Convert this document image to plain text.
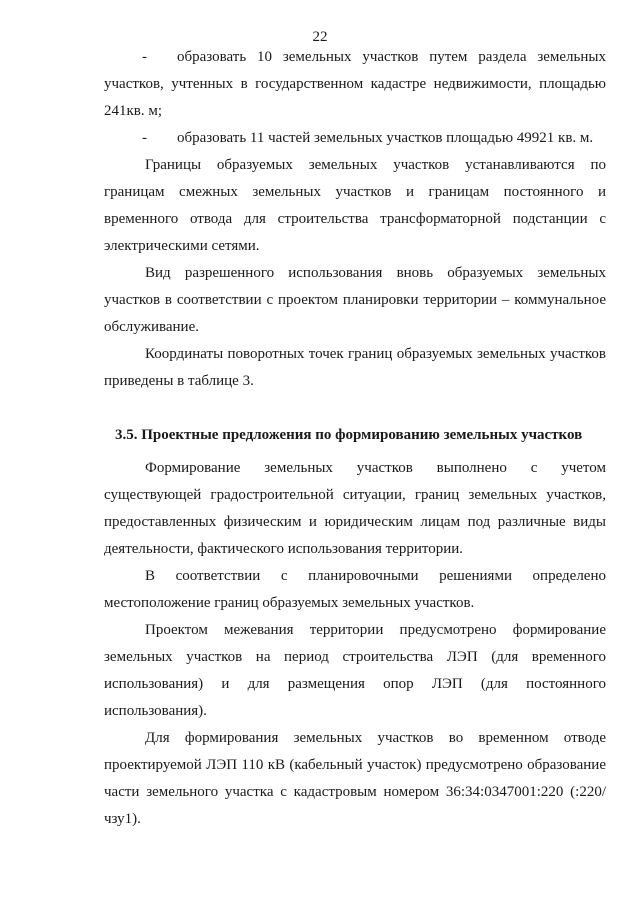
22

- образовать 10 земельных участков путем раздела земельных участков, учтенных в государственном кадастре недвижимости, площадью 241кв. м;

- образовать 11 частей земельных участков площадью 49921 кв. м.

Границы образуемых земельных участков устанавливаются по границам смежных земельных участков и границам постоянного и временного отвода для строительства трансформаторной подстанции с электрическими сетями.

Вид разрешенного использования вновь образуемых земельных участков в соответствии с проектом планировки территории – коммунальное обслуживание.

Координаты поворотных точек границ образуемых земельных участков приведены в таблице 3.

3.5. Проектные предложения по формированию земельных участков

Формирование земельных участков выполнено с учетом существующей градостроительной ситуации, границ земельных участков, предоставленных физическим и юридическим лицам под различные виды деятельности, фактического использования территории.

В соответствии с планировочными решениями определено местоположение границ образуемых земельных участков.

Проектом межевания территории предусмотрено формирование земельных участков на период строительства ЛЭП (для временного использования) и для размещения опор ЛЭП (для постоянного использования).

Для формирования земельных участков во временном отводе проектируемой ЛЭП 110 кВ (кабельный участок) предусмотрено образование части земельного участка с кадастровым номером 36:34:0347001:220 (:220/чзу1).
